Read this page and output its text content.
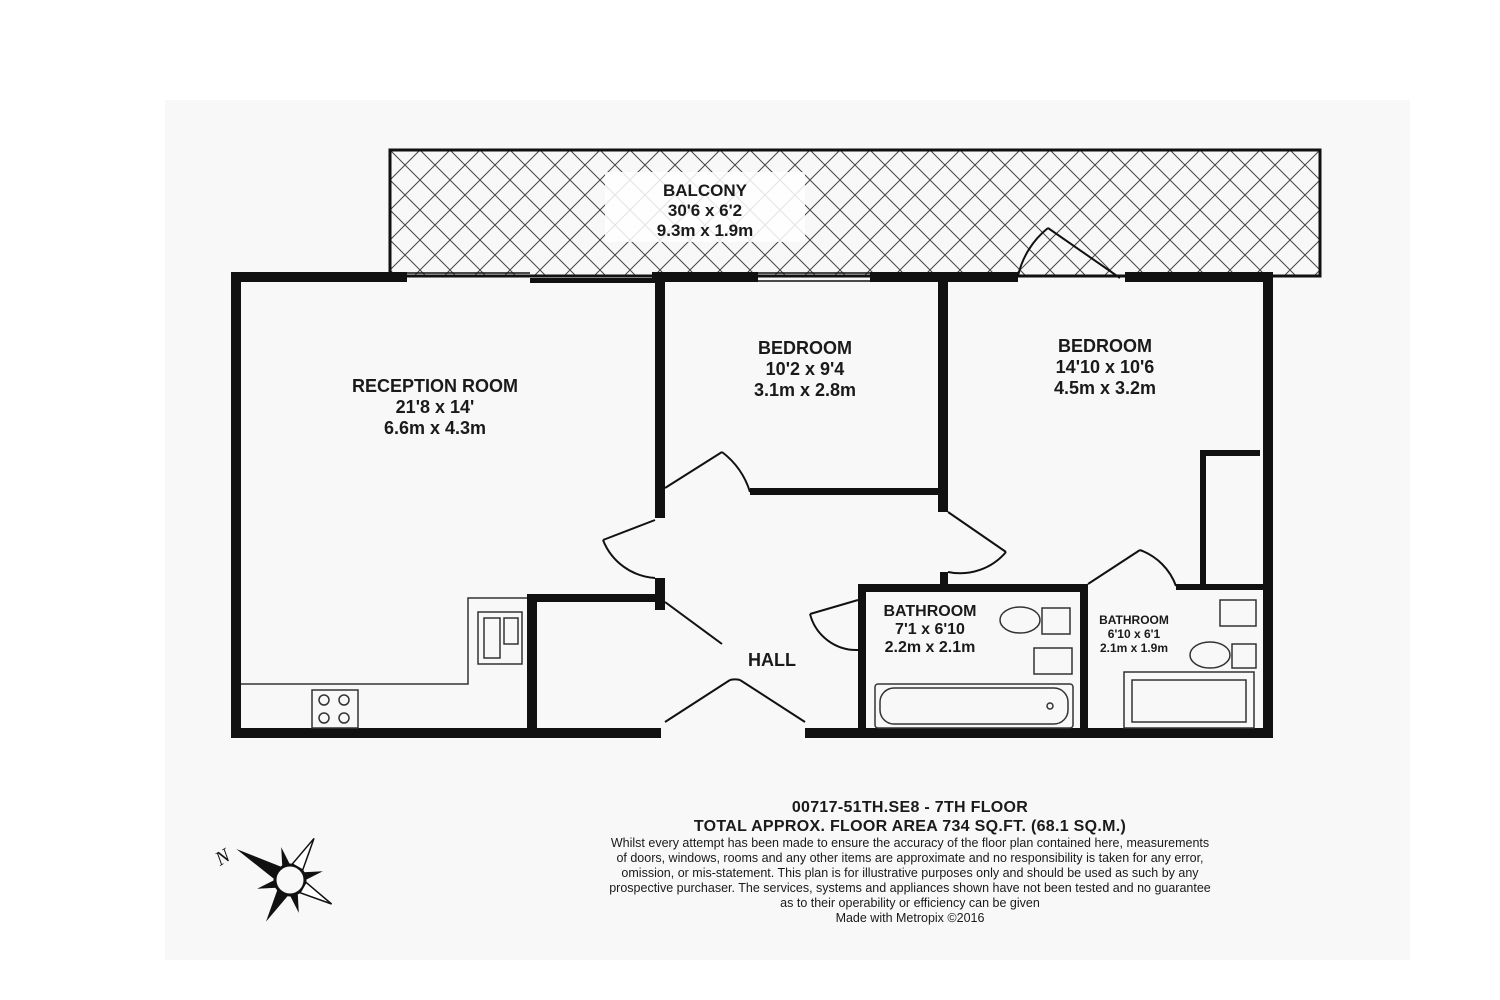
BALCONY
30'6 x 6'2
9.3m x 1.9m
RECEPTION ROOM
21'8 x 14'
6.6m x 4.3m
BEDROOM
10'2 x 9'4
3.1m x 2.8m
BEDROOM
14'10 x 10'6
4.5m x 3.2m
BATHROOM
7'1 x 6'10
2.2m x 2.1m
BATHROOM
6'10 x 6'1
2.1m x 1.9m
HALL
N
00717-51TH.SE8 - 7TH FLOOR
TOTAL APPROX. FLOOR AREA 734 SQ.FT. (68.1 SQ.M.)
Whilst every attempt has been made to ensure the accuracy of the floor plan contained here, measurements
of doors, windows, rooms and any other items are approximate and no responsibility is taken for any error,
omission, or mis-statement. This plan is for illustrative purposes only and should be used as such by any
prospective purchaser. The services, systems and appliances shown have not been tested and no guarantee
as to their operability or efficiency can be given
Made with Metropix ©2016
